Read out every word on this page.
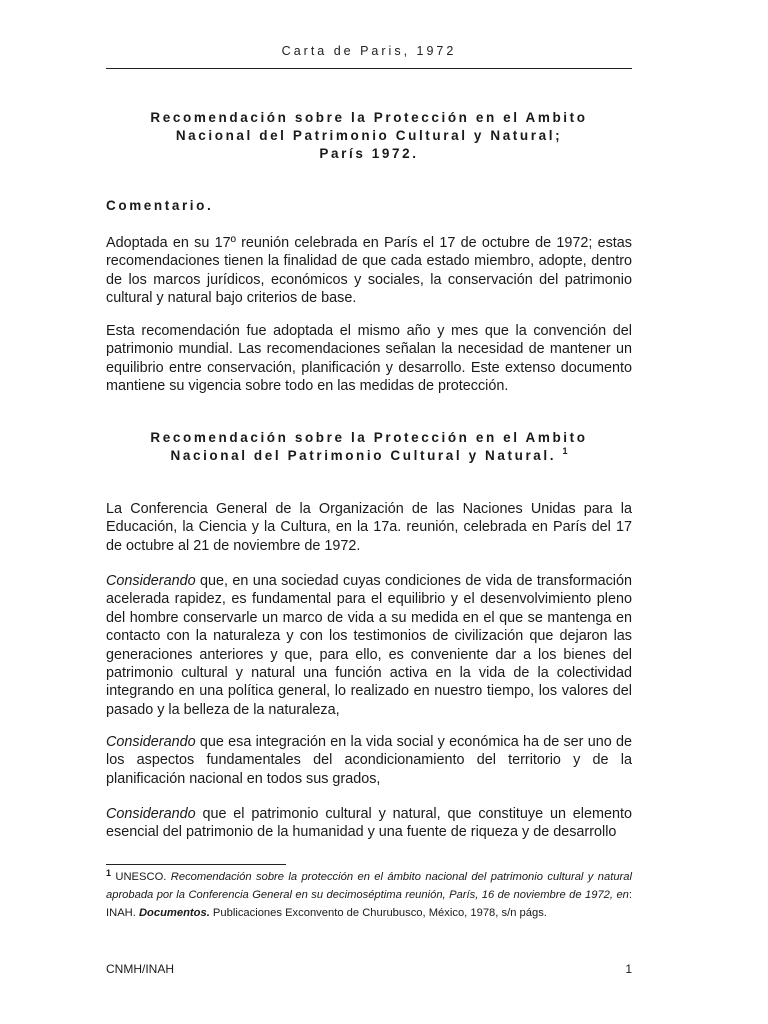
Carta de Paris, 1972
Recomendación sobre la Protección en el Ambito
Nacional del Patrimonio Cultural y Natural;
París 1972.
Comentario.

Adoptada en su 17º reunión celebrada en París el 17 de octubre de 1972; estas recomendaciones tienen la finalidad de que cada estado miembro, adopte, dentro de los marcos jurídicos, económicos y sociales, la conservación del patrimonio cultural y natural bajo criterios de base.

Esta recomendación fue adoptada el mismo año y mes que la convención del patrimonio mundial. Las recomendaciones señalan la necesidad de mantener un equilibrio entre conservación, planificación y desarrollo. Este extenso documento mantiene su vigencia sobre todo en las medidas de protección.

Recomendación sobre la Protección en el Ambito
Nacional del Patrimonio Cultural y Natural. $^1$

La Conferencia General de la Organización de las Naciones Unidas para la Educación, la Ciencia y la Cultura, en la 17a. reunión, celebrada en París del 17 de octubre al 21 de noviembre de 1972.

Considerando que, en una sociedad cuyas condiciones de vida de transformación acelerada rapidez, es fundamental para el equilibrio y el desenvolvimiento pleno del hombre conservarle un marco de vida a su medida en el que se mantenga en contacto con la naturaleza y con los testimonios de civilización que dejaron las generaciones anteriores y que, para ello, es conveniente dar a los bienes del patrimonio cultural y natural una función activa en la vida de la colectividad integrando en una política general, lo realizado en nuestro tiempo, los valores del pasado y la belleza de la naturaleza,

Considerando que esa integración en la vida social y económica ha de ser uno de los aspectos fundamentales del acondicionamiento del territorio y de la planificación nacional en todos sus grados,

Considerando que el patrimonio cultural y natural, que constituye un elemento esencial del patrimonio de la humanidad y una fuente de riqueza y de desarrollo

$^1$ UNESCO. Recomendación sobre la protección en el ámbito nacional del patrimonio cultural y natural aprobada por la Conferencia General en su decimoséptima reunión, París, 16 de noviembre de 1972, en: INAH. Documentos. Publicaciones Exconvento de Churubusco, México, 1978, s/n págs.

CNMH/INAH	1
